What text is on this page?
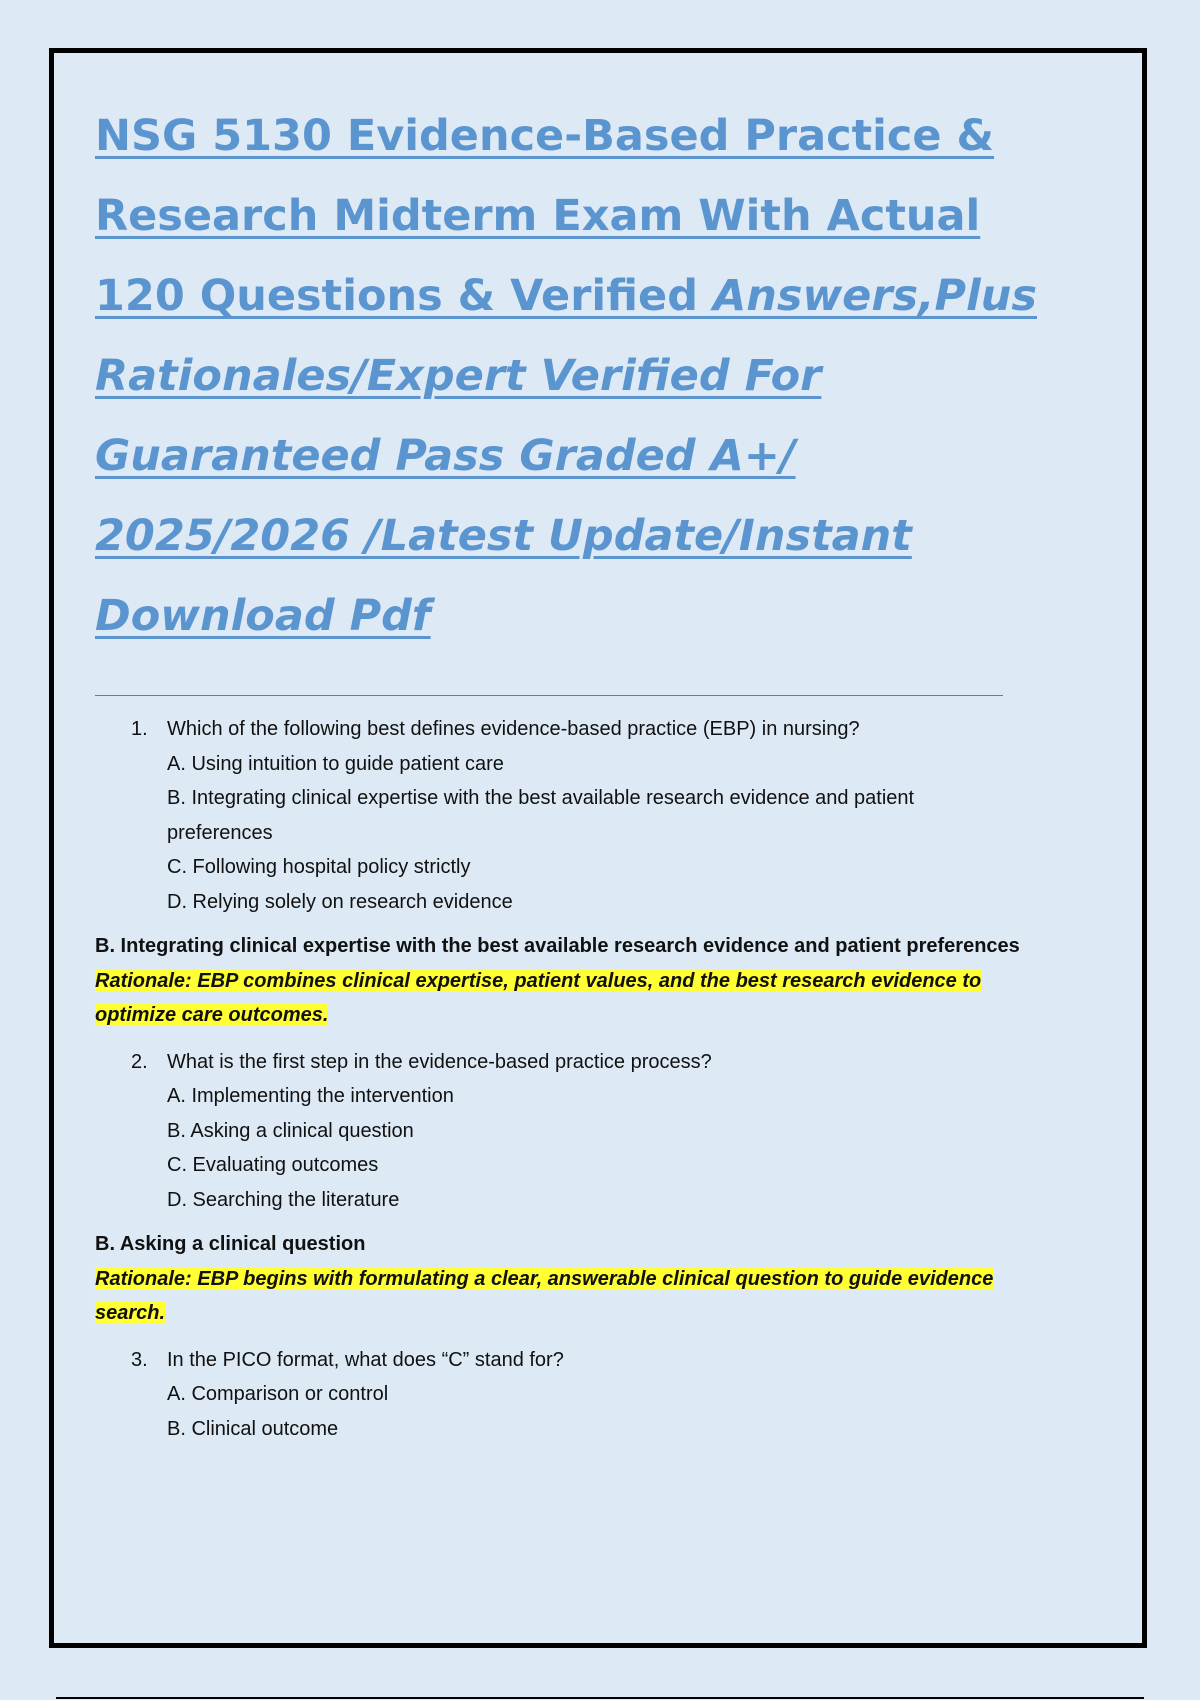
NSG 5130 Evidence-Based Practice &
Research Midterm Exam With Actual
120 Questions & Verified Answers,Plus
Rationales/Expert Verified For
Guaranteed Pass Graded A+/
2025/2026 /Latest Update/Instant
Download Pdf
1. Which of the following best defines evidence-based practice (EBP) in nursing?
A. Using intuition to guide patient care
B. Integrating clinical expertise with the best available research evidence and patient preferences
C. Following hospital policy strictly
D. Relying solely on research evidence
B. Integrating clinical expertise with the best available research evidence and patient preferences
Rationale: EBP combines clinical expertise, patient values, and the best research evidence to optimize care outcomes.
2. What is the first step in the evidence-based practice process?
A. Implementing the intervention
B. Asking a clinical question
C. Evaluating outcomes
D. Searching the literature
B. Asking a clinical question
Rationale: EBP begins with formulating a clear, answerable clinical question to guide evidence search.
3. In the PICO format, what does “C” stand for?
A. Comparison or control
B. Clinical outcome
